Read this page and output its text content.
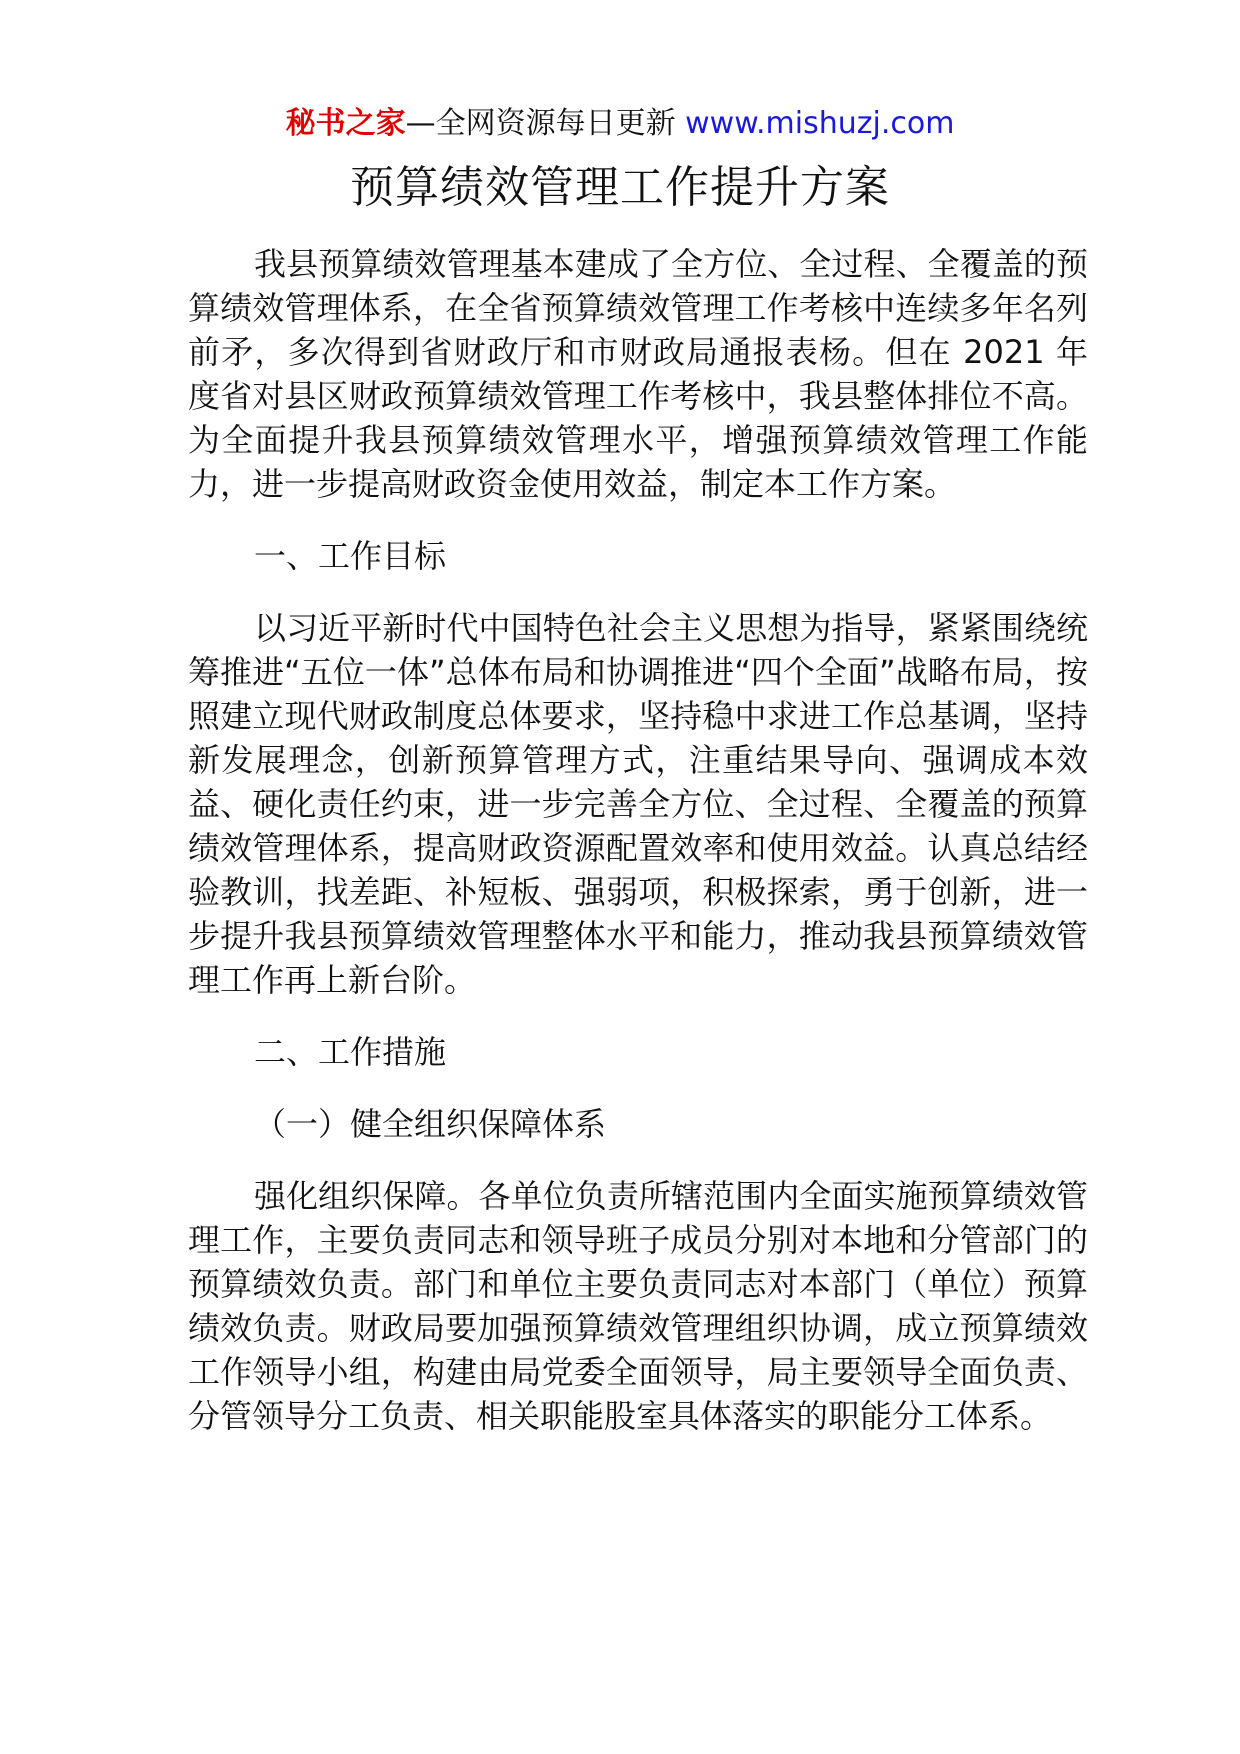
秘书之家—全网资源每日更新 www.mishuzj.com
预算绩效管理工作提升方案

我县预算绩效管理基本建成了全方位、全过程、全覆盖的预算绩效管理体系，在全省预算绩效管理工作考核中连续多年名列前矛，多次得到省财政厅和市财政局通报表杨。但在 2021 年度省对县区财政预算绩效管理工作考核中，我县整体排位不高。为全面提升我县预算绩效管理水平，增强预算绩效管理工作能力，进一步提高财政资金使用效益，制定本工作方案。

一、工作目标

以习近平新时代中国特色社会主义思想为指导，紧紧围绕统筹推进“五位一体”总体布局和协调推进“四个全面”战略布局，按照建立现代财政制度总体要求，坚持稳中求进工作总基调，坚持新发展理念，创新预算管理方式，注重结果导向、强调成本效益、硬化责任约束，进一步完善全方位、全过程、全覆盖的预算绩效管理体系，提高财政资源配置效率和使用效益。认真总结经验教训，找差距、补短板、强弱项，积极探索，勇于创新，进一步提升我县预算绩效管理整体水平和能力，推动我县预算绩效管理工作再上新台阶。

二、工作措施

（一）健全组织保障体系

强化组织保障。各单位负责所辖范围内全面实施预算绩效管理工作，主要负责同志和领导班子成员分别对本地和分管部门的预算绩效负责。部门和单位主要负责同志对本部门（单位）预算绩效负责。财政局要加强预算绩效管理组织协调，成立预算绩效工作领导小组，构建由局党委全面领导，局主要领导全面负责、分管领导分工负责、相关职能股室具体落实的职能分工体系。
